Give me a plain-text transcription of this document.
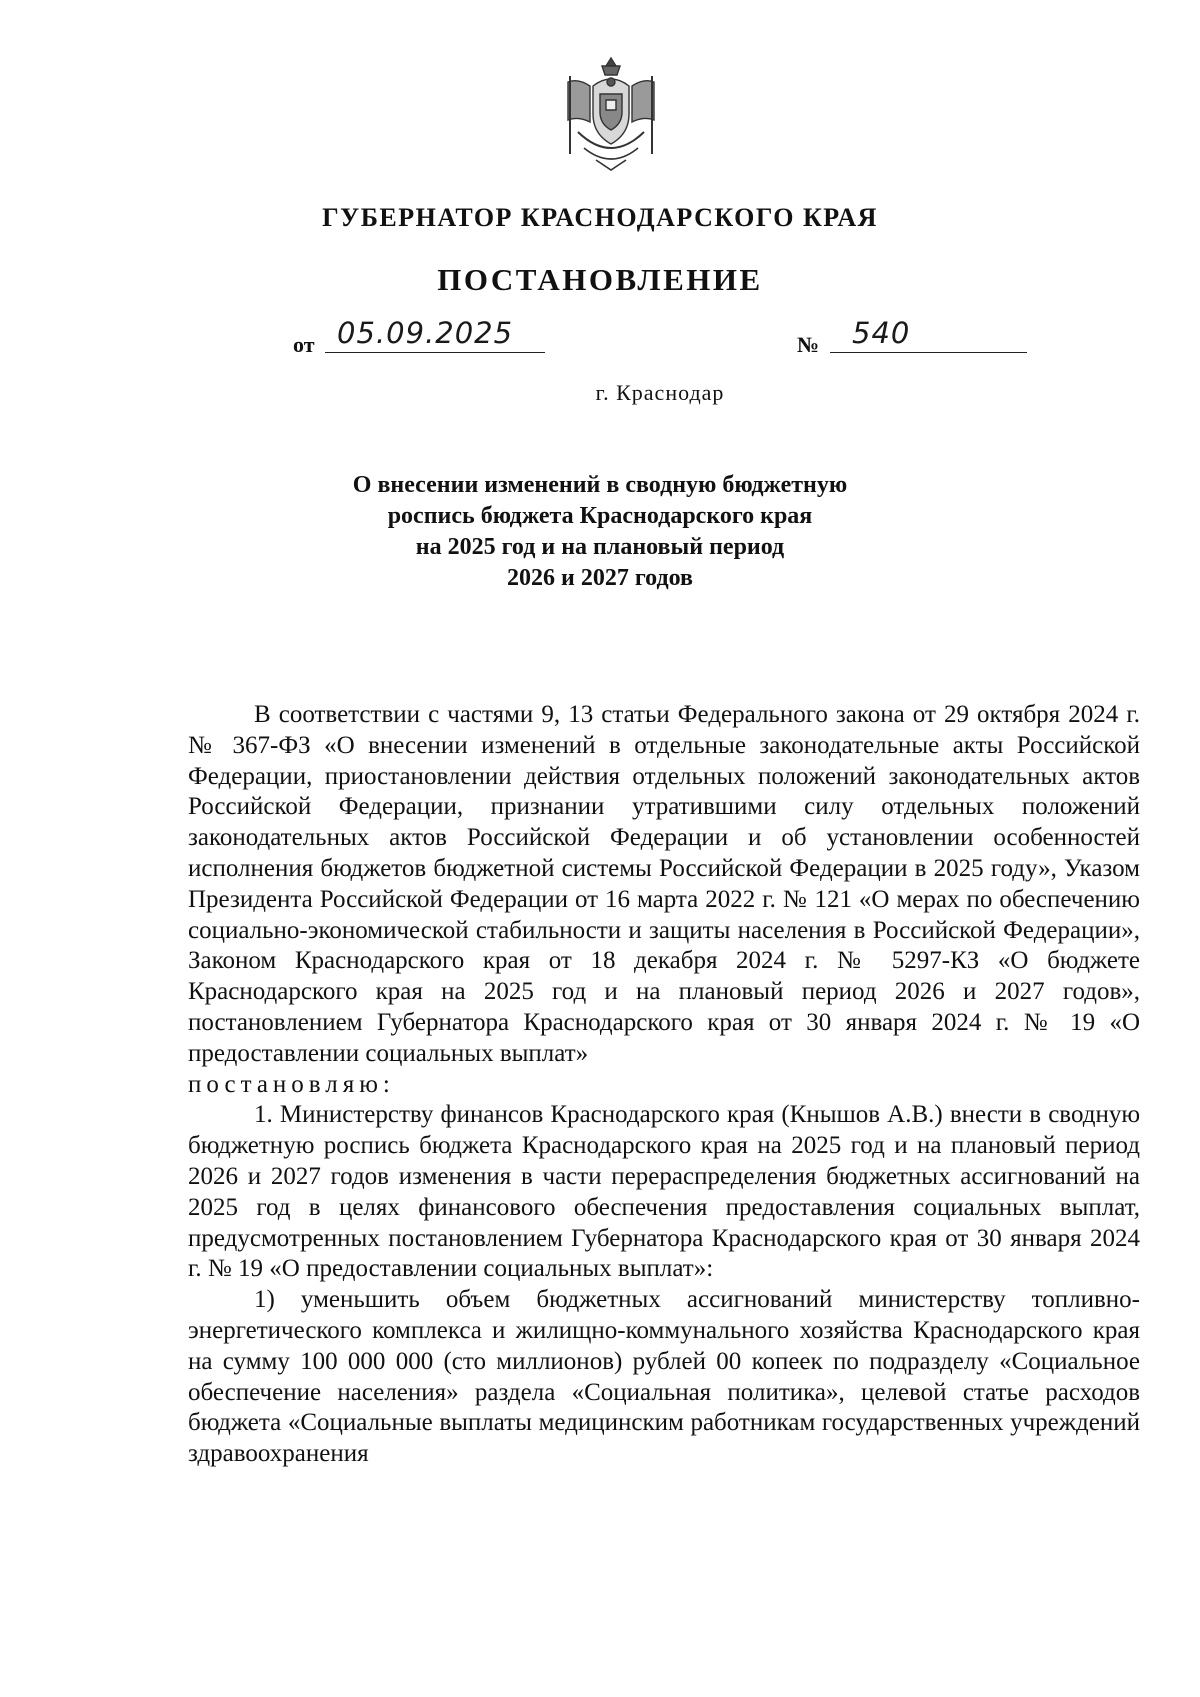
ГУБЕРНАТОР КРАСНОДАРСКОГО КРАЯ
ПОСТАНОВЛЕНИЕ
от 05.09.2025	№ 540
г. Краснодар
О внесении изменений в сводную бюджетную
роспись бюджета Краснодарского края
на 2025 год и на плановый период
2026 и 2027 годов

В соответствии с частями 9, 13 статьи Федерального закона от 29 октября 2024 г. № 367-ФЗ «О внесении изменений в отдельные законодательные акты Российской Федерации, приостановлении действия отдельных положений законодательных актов Российской Федерации, признании утратившими силу отдельных положений законодательных актов Российской Федерации и об установлении особенностей исполнения бюджетов бюджетной системы Российской Федерации в 2025 году», Указом Президента Российской Федерации от 16 марта 2022 г. № 121 «О мерах по обеспечению социально-экономической стабильности и защиты населения в Российской Федерации», Законом Краснодарского края от 18 декабря 2024 г. № 5297-КЗ «О бюджете Краснодарского края на 2025 год и на плановый период 2026 и 2027 годов», постановлением Губернатора Краснодарского края от 30 января 2024 г. № 19 «О предоставлении социальных выплат»

постановляю:

1. Министерству финансов Краснодарского края (Кнышов А.В.) внести в сводную бюджетную роспись бюджета Краснодарского края на 2025 год и на плановый период 2026 и 2027 годов изменения в части перераспределения бюджетных ассигнований на 2025 год в целях финансового обеспечения предоставления социальных выплат, предусмотренных постановлением Губернатора Краснодарского края от 30 января 2024 г. № 19 «О предоставлении социальных выплат»:

1) уменьшить объем бюджетных ассигнований министерству топливно-энергетического комплекса и жилищно-коммунального хозяйства Краснодарского края на сумму 100 000 000 (сто миллионов) рублей 00 копеек по подразделу «Социальное обеспечение населения» раздела «Социальная политика», целевой статье расходов бюджета «Социальные выплаты медицинским работникам государственных учреждений здравоохранения
